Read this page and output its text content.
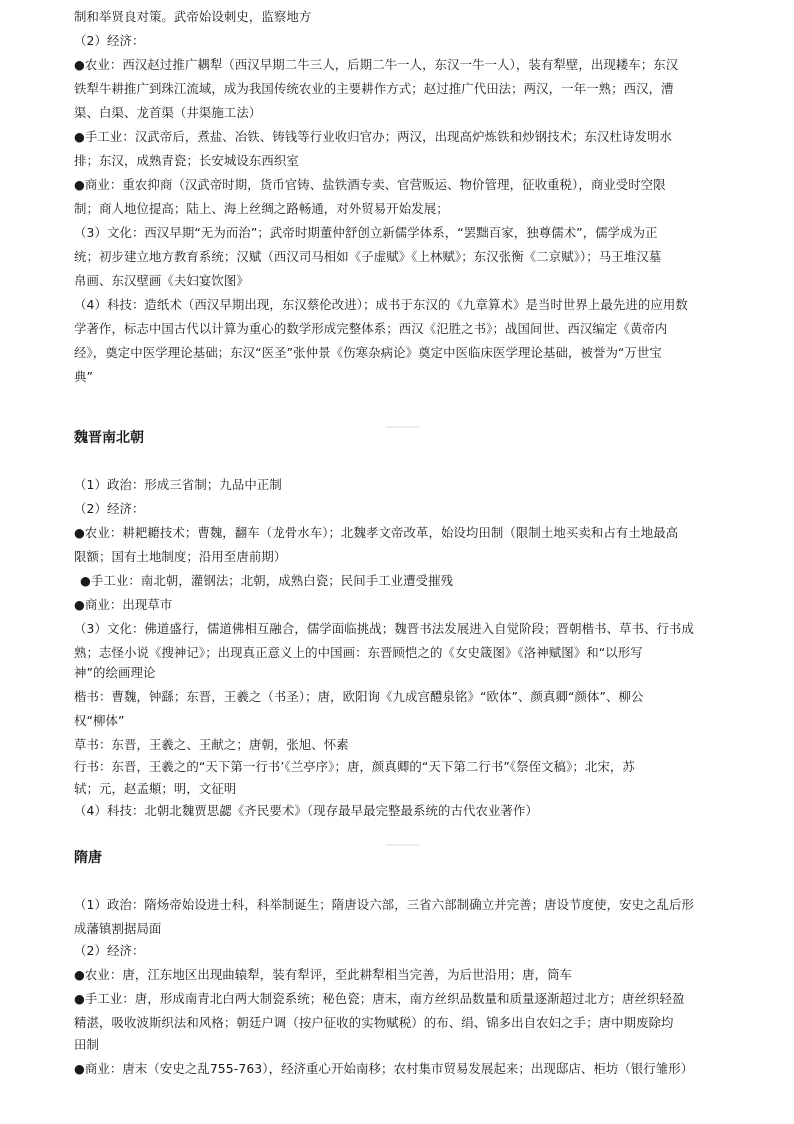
制和举贤良对策。武帝始设刺史，监察地方
（2）经济：
●农业：西汉赵过推广耦犁（西汉早期二牛三人，后期二牛一人，东汉一牛一人），装有犁壁，出现耧车；东汉
铁犁牛耕推广到珠江流域，成为我国传统农业的主要耕作方式；赵过推广代田法；两汉，一年一熟；西汉，漕
渠、白渠、龙首渠（井渠施工法）
●手工业：汉武帝后，煮盐、冶铁、铸钱等行业收归官办；两汉，出现高炉炼铁和炒钢技术；东汉杜诗发明水
排；东汉，成熟青瓷；长安城设东西织室
●商业：重农抑商（汉武帝时期，货币官铸、盐铁酒专卖、官营贩运、物价管理，征收重税），商业受时空限
制；商人地位提高；陆上、海上丝绸之路畅通，对外贸易开始发展；
（3）文化：西汉早期“无为而治”；武帝时期董仲舒创立新儒学体系，“罢黜百家，独尊儒术”，儒学成为正
统；初步建立地方教育系统；汉赋（西汉司马相如《子虚赋》《上林赋》；东汉张衡《二京赋》）；马王堆汉墓
帛画、东汉壁画《夫妇宴饮图》
（4）科技：造纸术（西汉早期出现，东汉蔡伦改进）；成书于东汉的《九章算术》是当时世界上最先进的应用数
学著作，标志中国古代以计算为重心的数学形成完整体系；西汉《氾胜之书》；战国间世、西汉编定《黄帝内
经》，奠定中医学理论基础；东汉“医圣”张仲景《伤寒杂病论》奠定中医临床医学理论基础，被誉为“万世宝
典”
魏晋南北朝
（1）政治：形成三省制；九品中正制
（2）经济：
●农业：耕耙耱技术；曹魏，翻车（龙骨水车）；北魏孝文帝改革，始设均田制（限制土地买卖和占有土地最高
限额；国有土地制度；沿用至唐前期）
●手工业：南北朝，灌钢法；北朝，成熟白瓷；民间手工业遭受摧残
●商业：出现草市
（3）文化：佛道盛行，儒道佛相互融合，儒学面临挑战；魏晋书法发展进入自觉阶段；晋朝楷书、草书、行书成
熟；志怪小说《搜神记》；出现真正意义上的中国画：东晋顾恺之的《女史箴图》《洛神赋图》和“以形写
神”的绘画理论
楷书：曹魏，钟繇；东晋，王羲之（书圣）；唐，欧阳询《九成宫醴泉铭》“欧体”、颜真卿“颜体”、柳公
权“柳体”
草书：东晋，王羲之、王献之；唐朝，张旭、怀素
行书：东晋，王羲之的“天下第一行书’《兰亭序》；唐，颜真卿的“天下第二行书”《祭侄文稿》；北宋，苏
轼；元，赵孟頫；明，文征明
（4）科技：北朝北魏贾思勰《齐民要术》（现存最早最完整最系统的古代农业著作）
隋唐
（1）政治：隋炀帝始设进士科，科举制诞生；隋唐设六部，三省六部制确立并完善；唐设节度使，安史之乱后形
成藩镇割据局面
（2）经济：
●农业：唐，江东地区出现曲辕犁，装有犁评，至此耕犁相当完善，为后世沿用；唐，筒车
●手工业：唐，形成南青北白两大制瓷系统；秘色瓷；唐末，南方丝织品数量和质量逐渐超过北方；唐丝织轻盈
精湛，吸收波斯织法和风格；朝廷户调（按户征收的实物赋税）的布、绢、锦多出自农妇之手；唐中期废除均
田制
●商业：唐末（安史之乱755-763），经济重心开始南移；农村集市贸易发展起来；出现邸店、柜坊（银行雏形）
